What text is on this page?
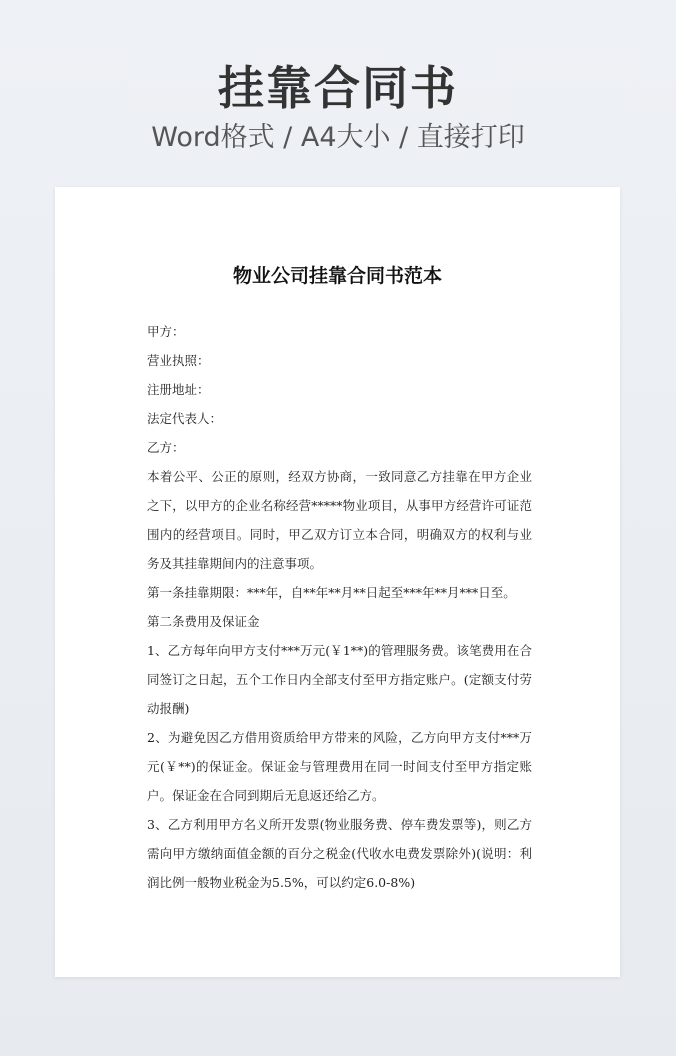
挂靠合同书
Word格式 / A4大小 / 直接打印
物业公司挂靠合同书范本

甲方：

营业执照：

注册地址：

法定代表人：

乙方：

本着公平、公正的原则，经双方协商，一致同意乙方挂靠在甲方企业之下，以甲方的企业名称经营*****物业项目，从事甲方经营许可证范围内的经营项目。同时，甲乙双方订立本合同，明确双方的权利与业务及其挂靠期间内的注意事项。

第一条挂靠期限：***年，自**年**月**日起至***年**月***日至。

第二条费用及保证金

1、乙方每年向甲方支付***万元(￥1**)的管理服务费。该笔费用在合同签订之日起，五个工作日内全部支付至甲方指定账户。(定额支付劳动报酬)

2、为避免因乙方借用资质给甲方带来的风险，乙方向甲方支付***万元(￥**)的保证金。保证金与管理费用在同一时间支付至甲方指定账户。保证金在合同到期后无息返还给乙方。

3、乙方利用甲方名义所开发票(物业服务费、停车费发票等)，则乙方需向甲方缴纳面值金额的百分之税金(代收水电费发票除外)(说明：利润比例一般物业税金为5.5%，可以约定6.0-8%)
